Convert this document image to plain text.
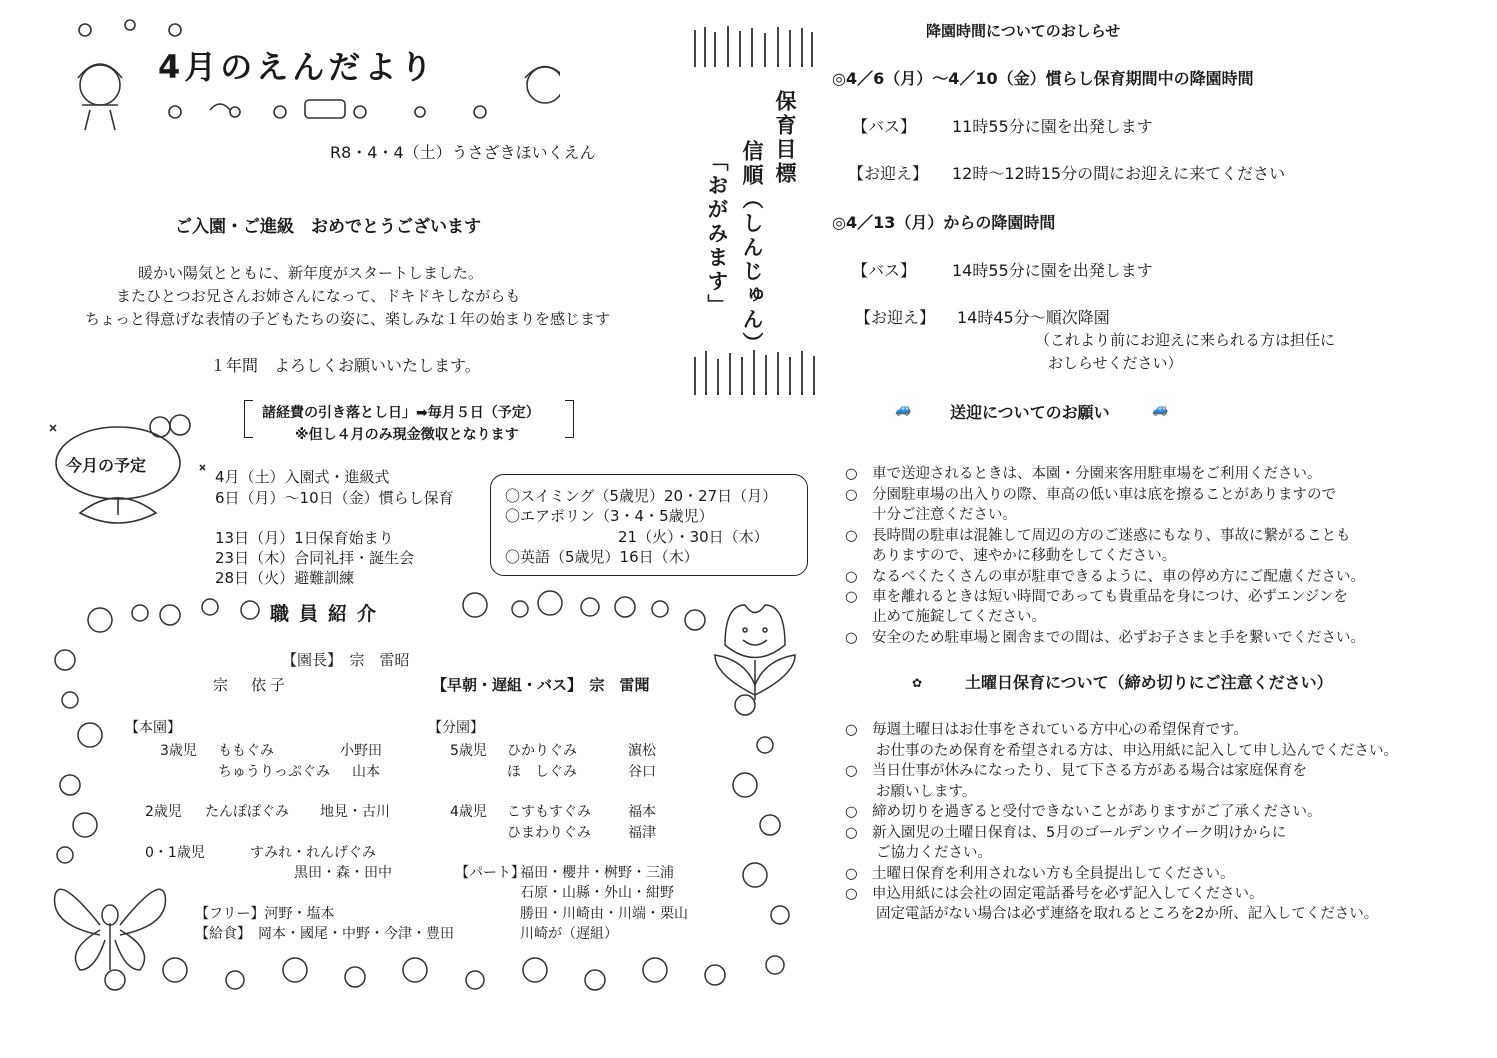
4月のえんだより
R8・4・4（土）うさざきほいくえん	保育目標
信順（しんじゅん）
「おがみます」
ご入園・ご進級　おめでとうございます
暖かい陽気とともに、新年度がスタートしました。
またひとつお兄さんお姉さんになって、ドキドキしながらも
ちょっと得意げな表情の子どもたちの姿に、楽しみな１年の始まりを感じます
１年間　よろしくお願いいたします。
諸経費の引き落とし日」➡毎月５日（予定）
※但し４月のみ現金徴収となります
今月の予定
4月（土）入園式・進級式
6日（月）～10日（金）慣らし保育
13日（月）1日保育始まり
23日（木）合同礼拝・誕生会
28日（火）避難訓練
〇スイミング（5歳児）20・27日（月）
〇エアポリン（3・4・5歳児）
21（火）・30日（木）
〇英語（5歳児）16日（木）
職員紹介
【園長】　宗　雷昭
宗　依子	【早朝・遅組・バス】　宗　雷聞
【本園】	【分園】
3歳児 ももぐみ	小野田
ちゅうりっぷぐみ 山本
2歳児 たんぽぽぐみ 地見・古川
0・1歳児	すみれ・れんげぐみ
黒田・森・田中
5歳児 ひかりぐみ	濵松
ほ　しぐみ	谷口
4歳児 こすもすぐみ	福本
ひまわりぐみ	福津
【パート】
福田・櫻井・桝野・三浦
石原・山縣・外山・紺野
勝田・川崎由・川端・栗山
川崎が（遅組）
【フリー】河野・塩本
【給食】　岡本・國尾・中野・今津・豊田
降園時間についてのおしらせ
◎4／6（月）～4／10（金）慣らし保育期間中の降園時間
【バス】 11時55分に園を出発します
【お迎え】 12時～12時15分の間にお迎えに来てください
◎4／13（月）からの降園時間
【バス】 14時55分に園を出発します
【お迎え】 14時45分～順次降園
（これより前にお迎えに来られる方は担任に
おしらせください）
🚙 送迎についてのお願い	🚙
○ 車で送迎されるときは、本園・分園来客用駐車場をご利用ください。
○ 分園駐車場の出入りの際、車高の低い車は底を擦ることがありますので
十分ご注意ください。
○ 長時間の駐車は混雑して周辺の方のご迷惑にもなり、事故に繋がることも
ありますので、速やかに移動をしてください。
○ なるべくたくさんの車が駐車できるように、車の停め方にご配慮ください。
○ 車を離れるときは短い時間であっても貴重品を身につけ、必ずエンジンを
止めて施錠してください。
○ 安全のため駐車場と園舎までの間は、必ずお子さまと手を繋いでください。
✿	土曜日保育について（締め切りにご注意ください）
○ 毎週土曜日はお仕事をされている方中心の希望保育です。
お仕事のため保育を希望される方は、申込用紙に記入して申し込んでください。
○ 当日仕事が休みになったり、見て下さる方がある場合は家庭保育を
お願いします。
○ 締め切りを過ぎると受付できないことがありますがご了承ください。
○ 新入園児の土曜日保育は、5月のゴールデンウイーク明けからに
ご協力ください。
○ 土曜日保育を利用されない方も全員提出してください。
○ 申込用紙には会社の固定電話番号を必ず記入してください。
固定電話がない場合は必ず連絡を取れるところを2か所、記入してください。
